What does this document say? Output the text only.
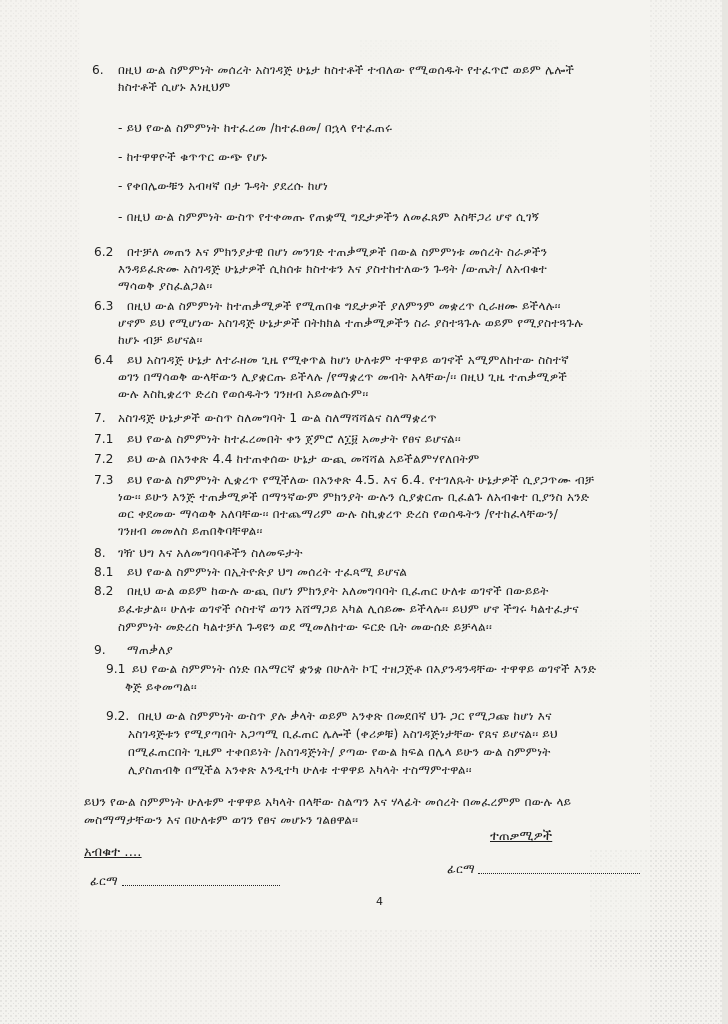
6. በዚህ ውል ስምምነት መሰረት አስገዳጅ ሁኔታ ከስተቶች ተብለው የሚወሰዱት የተፈጥሮ ወይም ሌሎች
ክስተቶች ሲሆኑ እነዚህም
- ይህ የውል ስምምነት ከተፈረመ /ከተፈፀመ/ በኋላ የተፈጠሩ
- ከተዋዋዮች ቁጥጥር ውጭ የሆኑ
- የቀበሌውቹን አብዛኛ በታ ጉዳት ያደረሱ ከሆነ
- በዚህ ውል ስምምነት ውስጥ የተቀመጡ የጠቋሚ ግዴታዎችን ለመፈጸም እስቸጋሪ ሆኖ ሲገኝ
6.2 በተቻለ መጠን እና ምክንያታዊ በሆነ መንገድ ተጠቃሚዎች በውል ስምምነቱ መሰረት ስራዎችን
እንዳይፈጽሙ አስገዳጅ ሁኔታዎች ሲከሰቱ ክስተቱን እና ያስተከተለውን ጉዳት /ውጤት/ ለአብቁተ
ማሳወቅ ያስፈልጋል፡፡
6.3 በዚህ ውል ስምምነት ከተጠቃሚዎች የሚጠበቁ ግዴታዎች ያለምንም መቋረጥ ሲራዘሙ ይችላሉ፡፡
ሆኖም ይህ የሚሆነው አስገዳጅ ሁኔታዎች በትክክል ተጠቃሚዎችን ስራ ያስተጓጉሉ ወይም የሚያስተጓጉሉ
ከሆኑ ብቻ ይሆናል፡፡
6.4 ይህ አስገዳጅ ሁኔታ ለተራዘመ ጊዜ የሚቀጥል ከሆነ ሁለቱም ተዋዋይ ወገኖች አሚምለከተው ስስተኛ
ወገን በማሳወቅ ውላቸውን ሊያቋርጡ ይችላሉ /የማቋረጥ መብት አላቸው/፡፡ በዚህ ጊዜ ተጠቃሚዎች
ውሉ እስኪቋረጥ ድረስ የወሰዱትን ገንዘብ አይመልሱም፡፡
7. አስገዳጅ ሁኔታዎች ውስጥ ስለመግባት 1 ውል ስለማሻሻልና ስለማቋረጥ
7.1 ይህ የውል ስምምነት ከተፈረመበት ቀን ጀምሮ ለ፲፱ አመታት የፀና ይሆናል፡፡
7.2 ይህ ውል በአንቀጽ 4.4 ከተጠቀሰው ሁኔታ ውጪ መሻሻል አይችልምሃየለበትም
7.3 ይህ የውል ስምምነት ሊቋረጥ የሚችለው በአንቀጽ 4.5. እና 6.4. የተገለጹት ሁኔታዎች ሲያጋጥሙ ብቻ
ነው፡፡ ይሁን እንጅ ተጠቃሚዎች በማንኛውም ምክንያት ውሉን ሲያቋርጡ ቢፈልጉ ለአብቁተ ቢያንስ አንድ
ወር ቀደመው ማሳወቅ አለባቸው፡፡ በተጨማሪም ውሉ ስኪቋረጥ ድረስ የወሰዱትን /የተከፈላቸውን/
ገንዘብ መመለስ ይጠበቅባቸዋል፡፡
8. ገዥ ህግ እና አለመግባባቶችን ስለመፍታት
8.1 ይህ የውል ስምምነት በኢትዮጵያ ህግ መሰረት ተፈጻሚ ይሆናል
8.2 በዚህ ውል ወይም ከውሉ ውጪ በሆነ ምክንያት አለመግባባት ቢፈጠር ሁለቱ ወገኖች በውይይት
ይፈቱታል፡፡ ሁለቱ ወገኖች ሶስተኛ ወገን አሸማጋይ አካል ሊሰይሙ ይችላሉ፡፡ ይህም ሆኖ ችግሩ ካልተፈታና
ስምምነት መድረስ ካልተቻለ ጉዳዩን ወደ ሚመለከተው ፍርድ ቤት መውሰድ ይቻላል፡፡
9. ማጠቃለያ
9.1 ይህ የውል ስምምነት ሰነድ በአማርኛ ቋንቋ በሁለት ኮፒ ተዘጋጅቶ በእያንዳንዳቸው ተዋዋይ ወገኖች እንድ
ቅጅ ይቀመጣል፡፡
9.2. በዚህ ውል ስምምነት ውስጥ ያሉ ቃላት ወይም አንቀጽ በመደበኛ ህጉ ጋር የሚጋጩ ከሆነ እና
አስገዳጅቱን የሚያጣበት አጋጣሚ ቢፈጠር ሌሎች (ቀሪዎቹ) አስገዳጅነታቸው የጸና ይሆናል፡፡ ይህ
በሚፈጠርበት ጊዜም ተቀበይነት /አስገዳጅነት/ ያጣው የውል ክፍል በሌላ ይሁን ውል ስምምነት
ሊያስጠብቅ በሚችል አንቀጽ እንዲተካ ሁለቱ ተዋዋይ አካላት ተስማምተዋል፡፡
ይህን የውል ስምምነት ሁለቱም ተዋዋይ አካላት በላቸው ስልጣን እና ሃላፊት መሰረት በመፈረምም በውሉ ላይ
መስማማታቸውን እና በሁለቱም ወገን የፀና መሆኑን ገልፀዋል፡፡
ተጠቃሚዎች
አብቁተ ....
ፊርማ
ፊርማ
4
